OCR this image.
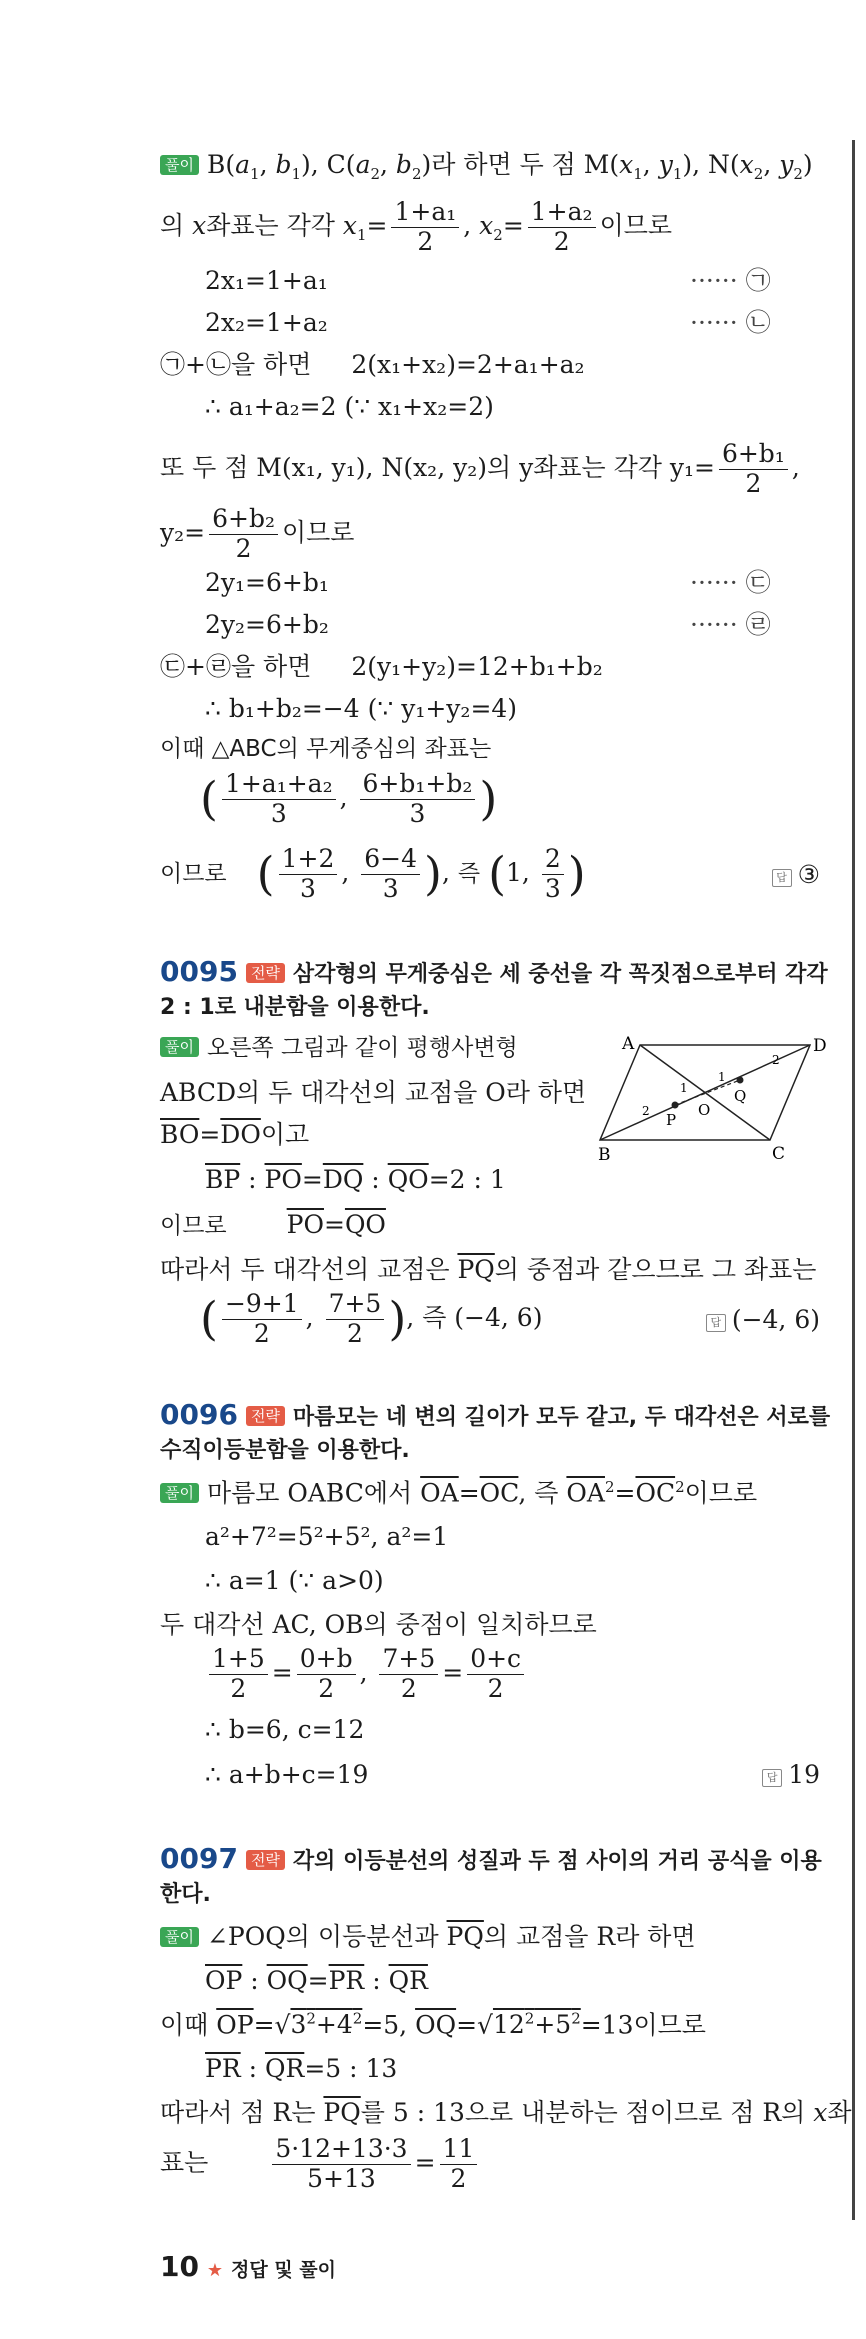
풀이 $B(a_1$, $b_1$), $C(a_2$, $b_2$)라 하면 두 점 $M(x_1$, $y_1$), $N(x_2$, $y_2$)
의 x좌표는 각각 $x_1= \frac{\text{1+a₁}}{2}$ , $x_2= \frac{\text{1+a₂}}{2}$ 이므로
2x₁=1+a₁	······ ㉠
2x₂=1+a₂	······ ㉡
㉠+㉡을 하면 2(x₁+x₂)=2+a₁+a₂
∴ a₁+a₂=2 (∵ x₁+x₂=2)
또 두 점 M(x₁, y₁), N(x₂, y₂)의 y좌표는 각각 $y_1= \frac{\text{6+b₁}}{2}$ ,
$y_2= \frac{\text{6+b₂}}{2}$ 이므로
2y₁=6+b₁	······ ㉢
2y₂=6+b₂	······ ㉣
㉢+㉣을 하면 2(y₁+y₂)=12+b₁+b₂
∴ b₁+b₂=−4 (∵ y₁+y₂=4)
이때 △ABC의 무게중심의 좌표는
( $\frac{\text{1+a₁+a₂}}{3}$ , $\frac{\text{6+b₁+b₂}}{3}$ )
이므로 ( $\frac{1+2}{3}$ , $\frac{6-4}{3}$ ), 즉 (1, $\frac{2}{3}$ )	답 ③
0095 전략 삼각형의 무게중심은 세 중선을 각 꼭짓점으로부터 각각
2 : 1로 내분함을 이용한다.
풀이 오른쪽 그림과 같이 평행사변형
ABCD의 두 대각선의 교점을 O라 하면
$\overline{BO}=\overline{DO}$이고
$\overline{BP}$ : $\overline{PO}=\overline{DQ}$ : $\overline{QO}=2$ : 1
이므로 $\overline{PO}=\overline{QO}$
따라서 두 대각선의 교점은 $\overline{PQ}$의 중점과 같으므로 그 좌표는
( $\frac{-9+1}{2}$ , $\frac{7+5}{2}$ ), 즉 (−4, 6)	답 (−4, 6)
A	D
B	C
O
P
Q
1
1
2
2
0096 전략 마름모는 네 변의 길이가 모두 같고, 두 대각선은 서로를
수직이등분함을 이용한다.
풀이 마름모 OABC에서 $\overline{OA}=\overline{OC}$, 즉 $\overline{OA}^2=\overline{OC}^2$이므로
a²+7²=5²+5², a²=1
∴ a=1 (∵ a>0)
두 대각선 AC, OB의 중점이 일치하므로
$\frac{1+5}{2} = \frac{0+b}{2}$ , $\frac{7+5}{2} = \frac{0+c}{2}$
∴ b=6, c=12
∴ a+b+c=19	답 19
0097 전략 각의 이등분선의 성질과 두 점 사이의 거리 공식을 이용
한다.
풀이 ∠POQ의 이등분선과 $\overline{PQ}$의 교점을 R라 하면
$\overline{OP}$ : $\overline{OQ}=\overline{PR}$ : $\overline{QR}$
이때 $\overline{OP}=√3^2+4^2=5$, $\overline{OQ}=√12^2+5^2=13$이므로
$\overline{PR}$ : $\overline{QR}=5$ : 13
따라서 점 R는 $\overline{PQ}$를 5 : 13으로 내분하는 점이므로 점 R의 x좌
표는	$\frac{5\cdot 12+13\cdot 3}{5+13} = \frac{11}{2}$
10 ★ 정답 및 풀이
